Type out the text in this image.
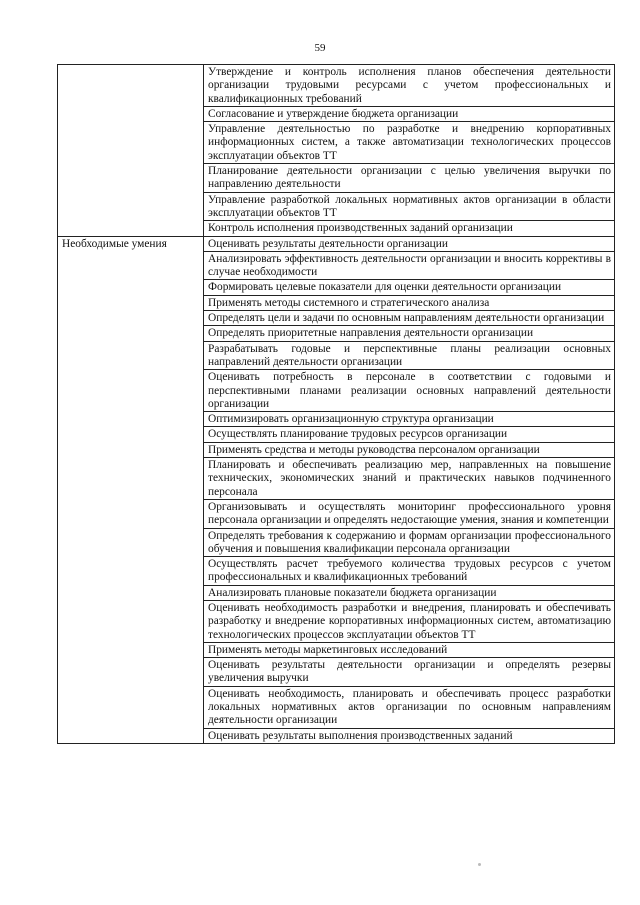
59
	Утверждение и контроль исполнения планов обеспечения деятельности организации трудовыми ресурсами с учетом профессиональных и квалификационных требований
	Согласование и утверждение бюджета организации
	Управление деятельностью по разработке и внедрению корпоративных информационных систем, а также автоматизации технологических процессов эксплуатации объектов ТТ
	Планирование деятельности организации с целью увеличения выручки по направлению деятельности
	Управление разработкой локальных нормативных актов организации в области эксплуатации объектов ТТ
	Контроль исполнения производственных заданий организации
Необходимые умения	Оценивать результаты деятельности организации
	Анализировать эффективность деятельности организации и вносить коррективы в случае необходимости
	Формировать целевые показатели для оценки деятельности организации
	Применять методы системного и стратегического анализа
	Определять цели и задачи по основным направлениям деятельности организации
	Определять приоритетные направления деятельности организации
	Разрабатывать годовые и перспективные планы реализации основных направлений деятельности организации
	Оценивать потребность в персонале в соответствии с годовыми и перспективными планами реализации основных направлений деятельности организации
	Оптимизировать организационную структура организации
	Осуществлять планирование трудовых ресурсов организации
	Применять средства и методы руководства персоналом организации
	Планировать и обеспечивать реализацию мер, направленных на повышение технических, экономических знаний и практических навыков подчиненного персонала
	Организовывать и осуществлять мониторинг профессионального уровня персонала организации и определять недостающие умения, знания и компетенции
	Определять требования к содержанию и формам организации профессионального обучения и повышения квалификации персонала организации
	Осуществлять расчет требуемого количества трудовых ресурсов с учетом профессиональных и квалификационных требований
	Анализировать плановые показатели бюджета организации
	Оценивать необходимость разработки и внедрения, планировать и обеспечивать разработку и внедрение корпоративных информационных систем, автоматизацию технологических процессов эксплуатации объектов ТТ
	Применять методы маркетинговых исследований
	Оценивать результаты деятельности организации и определять резервы увеличения выручки
	Оценивать необходимость, планировать и обеспечивать процесс разработки локальных нормативных актов организации по основным направлениям деятельности организации
	Оценивать результаты выполнения производственных заданий
